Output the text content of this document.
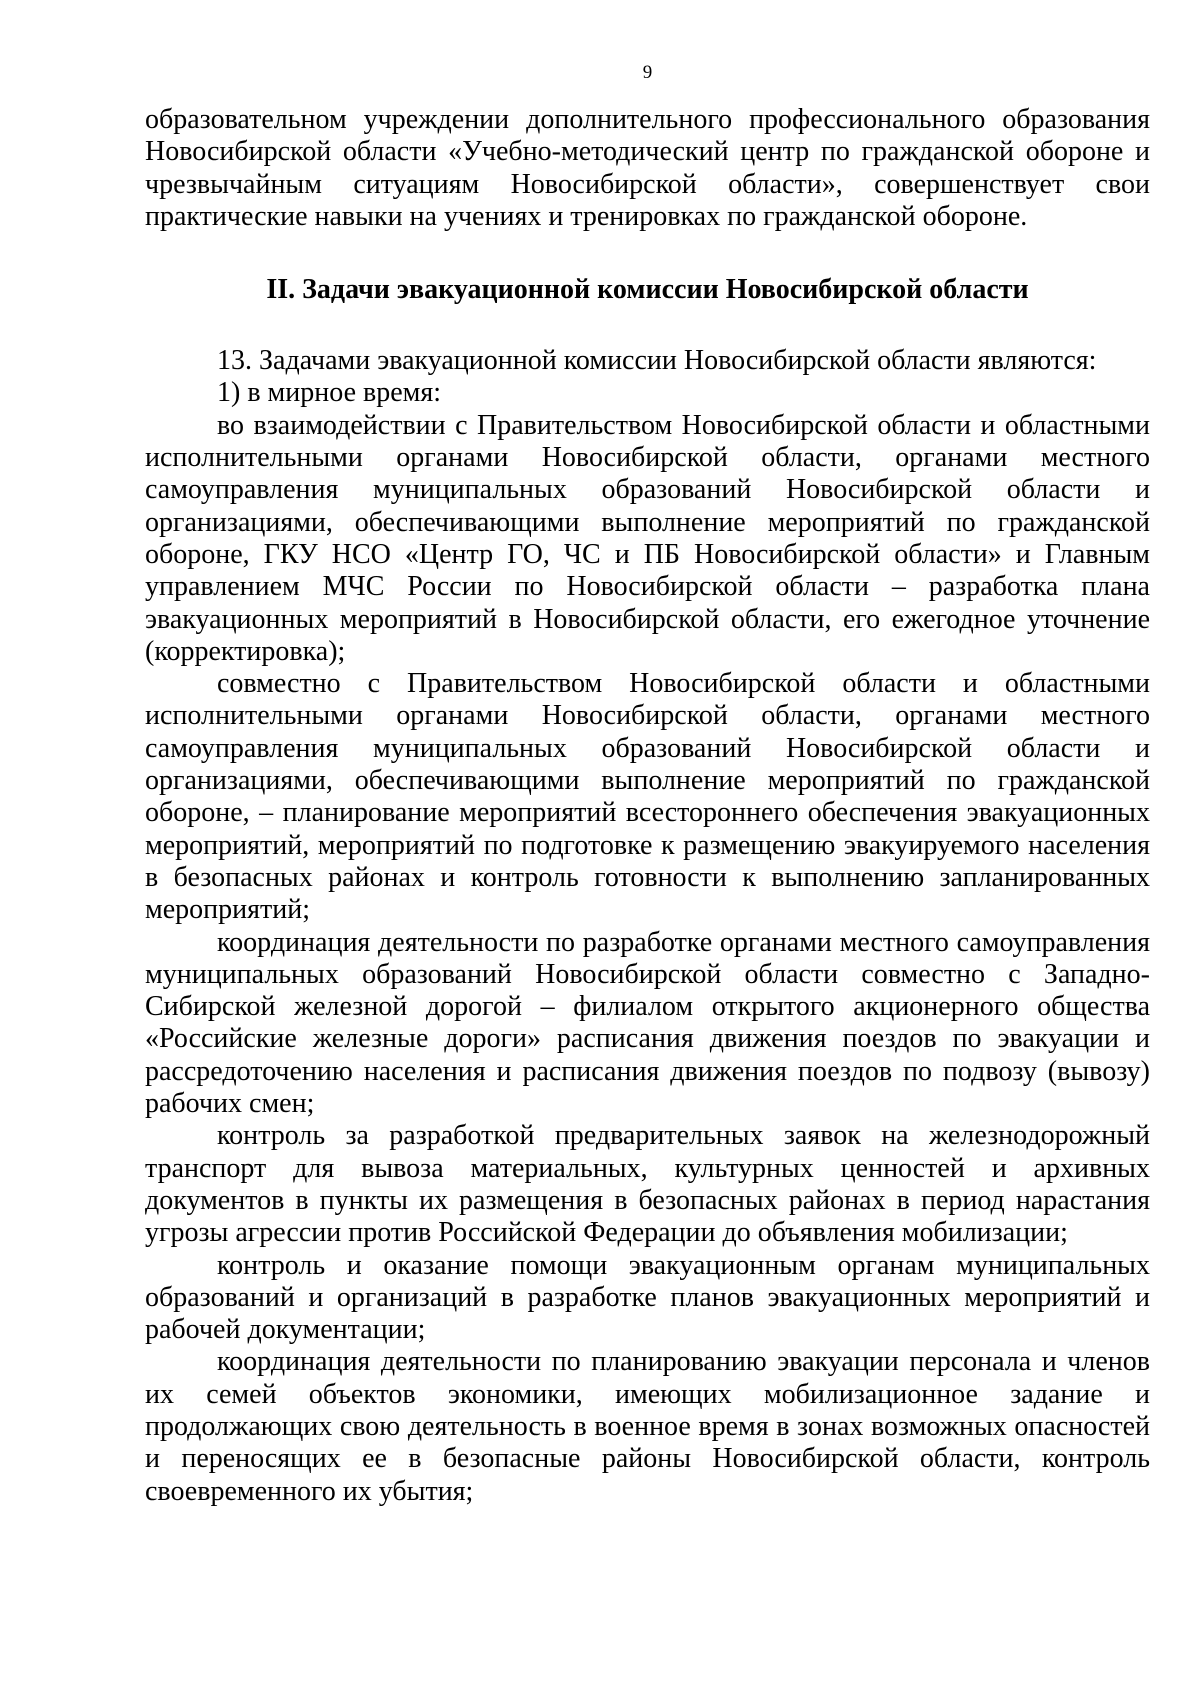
9

образовательном учреждении дополнительного профессионального образования Новосибирской области «Учебно-методический центр по гражданской обороне и чрезвычайным ситуациям Новосибирской области», совершенствует свои практические навыки на учениях и тренировках по гражданской обороне.

II. Задачи эвакуационной комиссии Новосибирской области

13. Задачами эвакуационной комиссии Новосибирской области являются:

1) в мирное время:

во взаимодействии с Правительством Новосибирской области и областными исполнительными органами Новосибирской области, органами местного самоуправления муниципальных образований Новосибирской области и организациями, обеспечивающими выполнение мероприятий по гражданской обороне, ГКУ НСО «Центр ГО, ЧС и ПБ Новосибирской области» и Главным управлением МЧС России по Новосибирской области – разработка плана эвакуационных мероприятий в Новосибирской области, его ежегодное уточнение (корректировка);

совместно с Правительством Новосибирской области и областными исполнительными органами Новосибирской области, органами местного самоуправления муниципальных образований Новосибирской области и организациями, обеспечивающими выполнение мероприятий по гражданской обороне, – планирование мероприятий всестороннего обеспечения эвакуационных мероприятий, мероприятий по подготовке к размещению эвакуируемого населения в безопасных районах и контроль готовности к выполнению запланированных мероприятий;

координация деятельности по разработке органами местного самоуправления муниципальных образований Новосибирской области совместно с Западно-Сибирской железной дорогой – филиалом открытого акционерного общества «Российские железные дороги» расписания движения поездов по эвакуации и рассредоточению населения и расписания движения поездов по подвозу (вывозу) рабочих смен;

контроль за разработкой предварительных заявок на железнодорожный транспорт для вывоза материальных, культурных ценностей и архивных документов в пункты их размещения в безопасных районах в период нарастания угрозы агрессии против Российской Федерации до объявления мобилизации;

контроль и оказание помощи эвакуационным органам муниципальных образований и организаций в разработке планов эвакуационных мероприятий и рабочей документации;

координация деятельности по планированию эвакуации персонала и членов их семей объектов экономики, имеющих мобилизационное задание и продолжающих свою деятельность в военное время в зонах возможных опасностей и переносящих ее в безопасные районы Новосибирской области, контроль своевременного их убытия;
